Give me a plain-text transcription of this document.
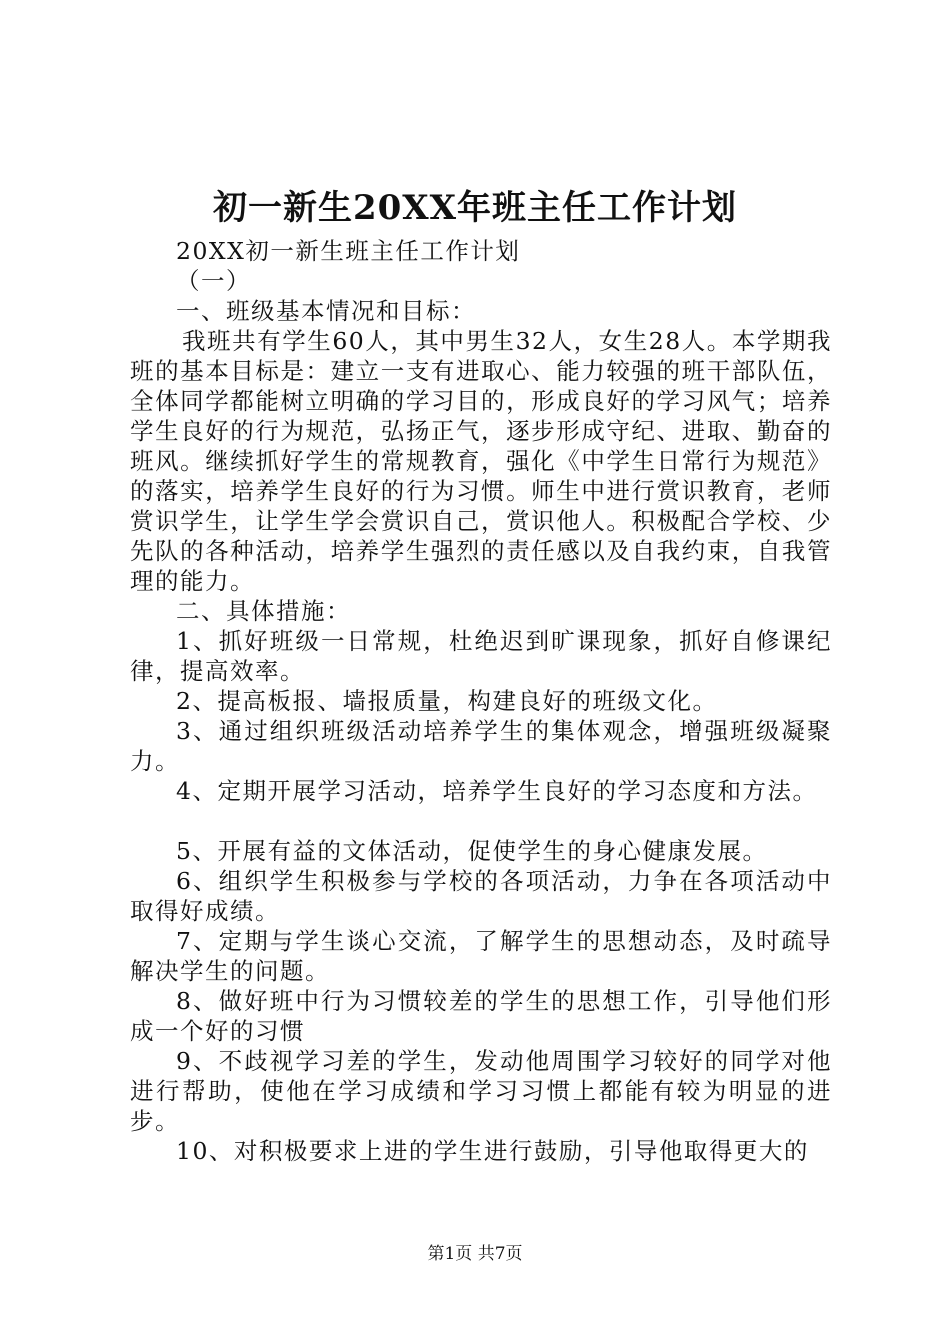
初一新生20XX年班主任工作计划

20XX初一新生班主任工作计划

（一）

一、班级基本情况和目标：

我班共有学生60人，其中男生32人，女生28人。本学期我班的基本目标是：建立一支有进取心、能力较强的班干部队伍，全体同学都能树立明确的学习目的，形成良好的学习风气；培养学生良好的行为规范，弘扬正气，逐步形成守纪、进取、勤奋的班风。继续抓好学生的常规教育，强化《中学生日常行为规范》的落实，培养学生良好的行为习惯。师生中进行赏识教育，老师赏识学生，让学生学会赏识自己，赏识他人。积极配合学校、少先队的各种活动，培养学生强烈的责任感以及自我约束，自我管理的能力。

二、具体措施：

1、抓好班级一日常规，杜绝迟到旷课现象，抓好自修课纪律，提高效率。

2、提高板报、墙报质量，构建良好的班级文化。

3、通过组织班级活动培养学生的集体观念，增强班级凝聚力。

4、定期开展学习活动，培养学生良好的学习态度和方法。

5、开展有益的文体活动，促使学生的身心健康发展。

6、组织学生积极参与学校的各项活动，力争在各项活动中取得好成绩。

7、定期与学生谈心交流，了解学生的思想动态，及时疏导解决学生的问题。

8、做好班中行为习惯较差的学生的思想工作，引导他们形成一个好的习惯

9、不歧视学习差的学生，发动他周围学习较好的同学对他进行帮助，使他在学习成绩和学习习惯上都能有较为明显的进步。

10、对积极要求上进的学生进行鼓励，引导他取得更大的

第1页 共7页
